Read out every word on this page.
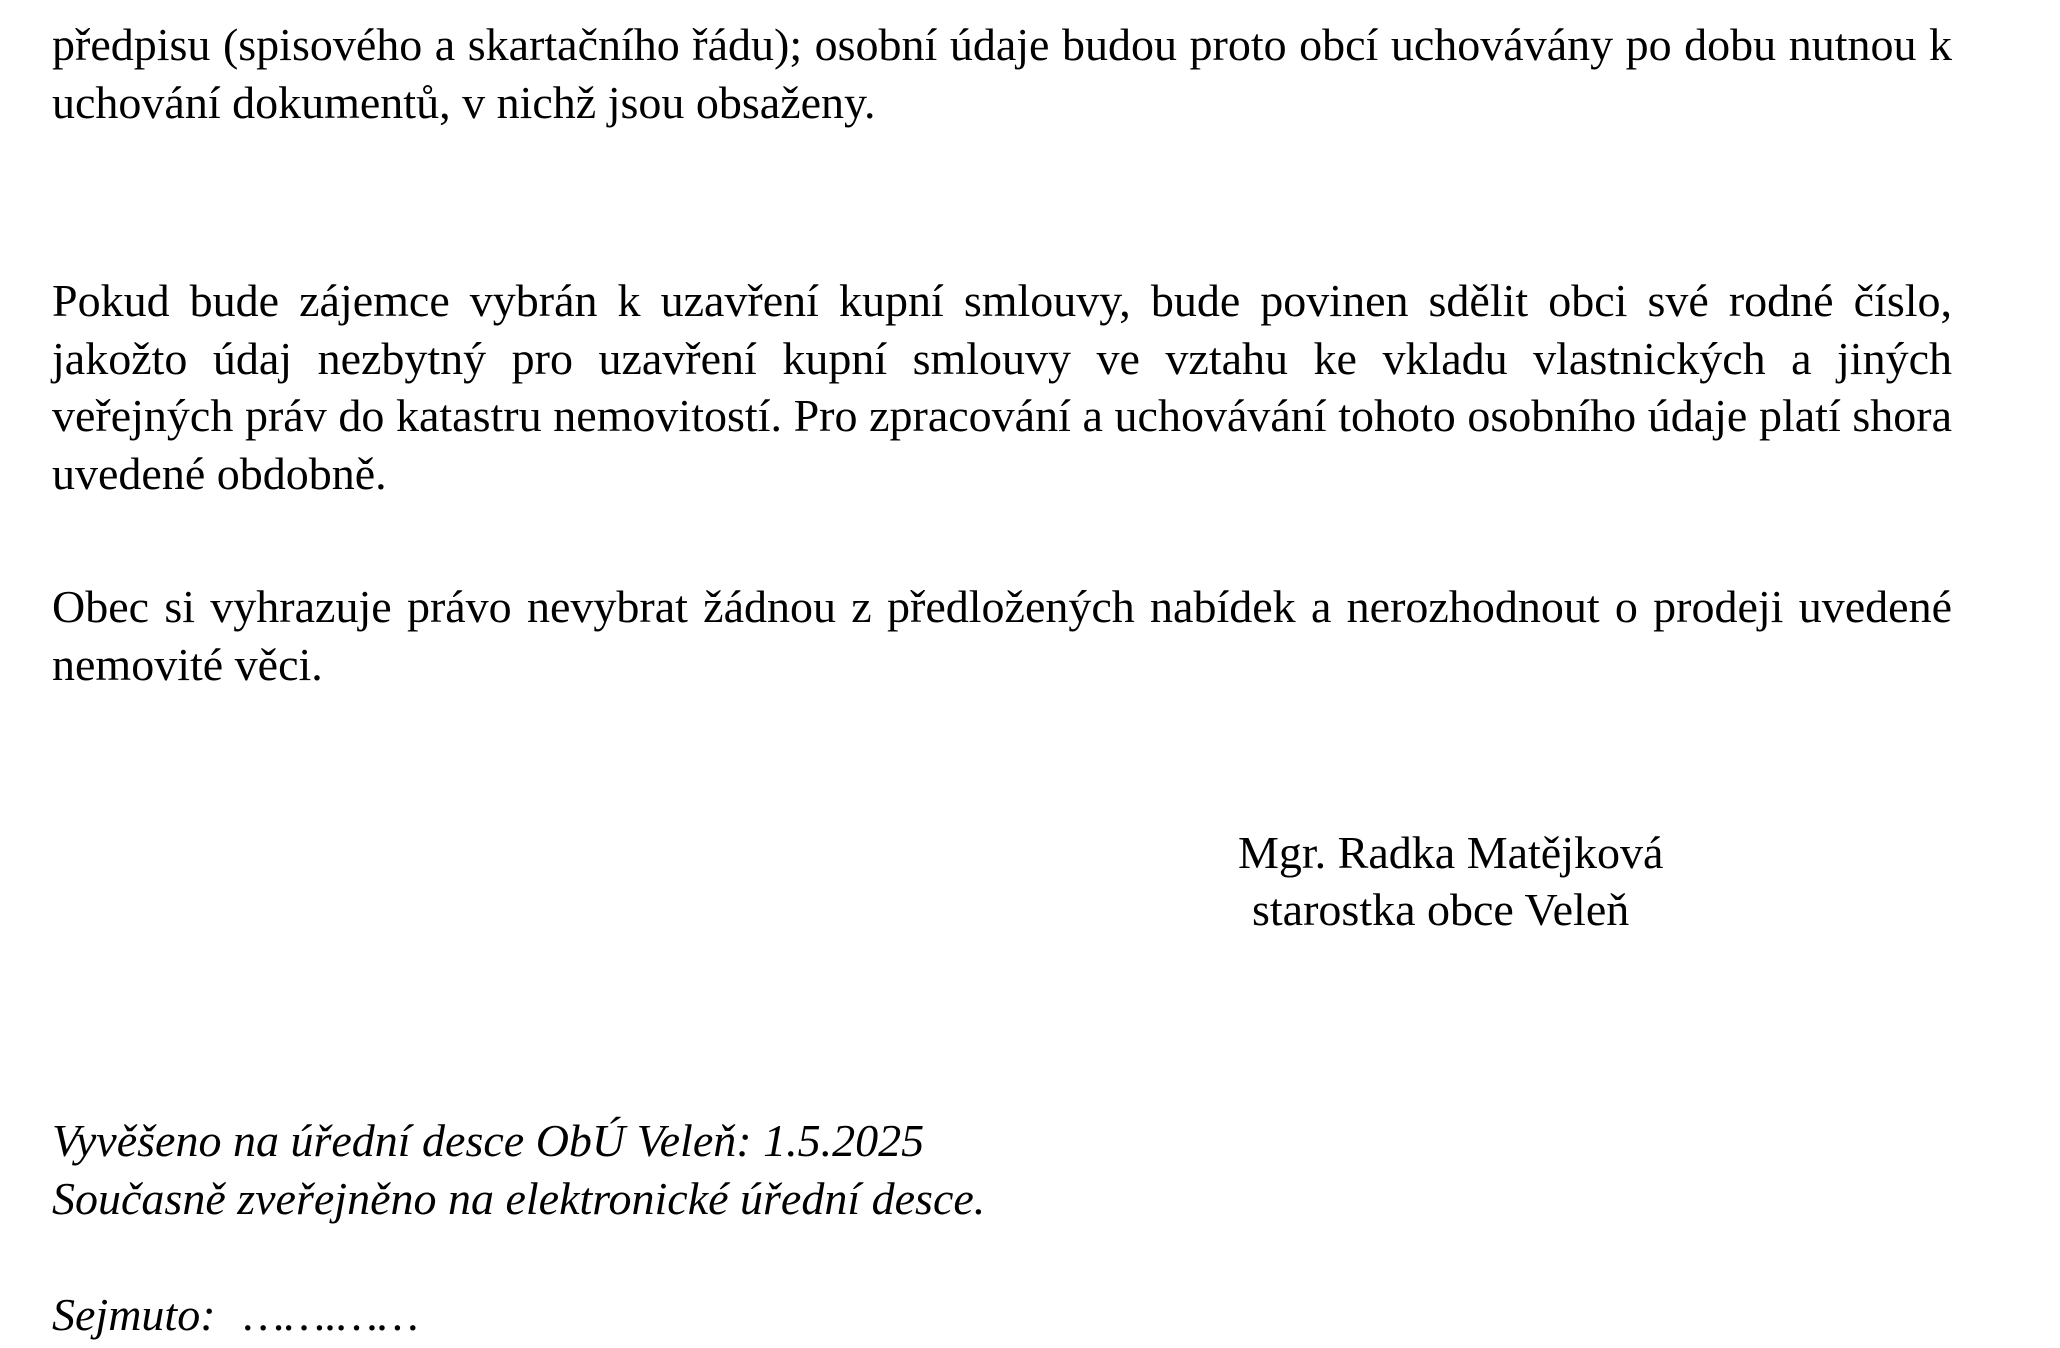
předpisu (spisového a skartačního řádu); osobní údaje budou proto obcí uchovávány po dobu nutnou k uchování dokumentů, v nichž jsou obsaženy.

Pokud bude zájemce vybrán k uzavření kupní smlouvy, bude povinen sdělit obci své rodné číslo, jakožto údaj nezbytný pro uzavření kupní smlouvy ve vztahu ke vkladu vlastnických a jiných veřejných práv do katastru nemovitostí. Pro zpracování a uchovávání tohoto osobního údaje platí shora uvedené obdobně.

Obec si vyhrazuje právo nevybrat žádnou z předložených nabídek a nerozhodnout o prodeji uvedené nemovité věci.

Mgr. Radka Matějková
starostka obce Veleň
Vyvěšeno na úřední desce ObÚ Veleň: 1.5.2025
Současně zveřejněno na elektronické úřední desce.
Sejmuto: …….……
